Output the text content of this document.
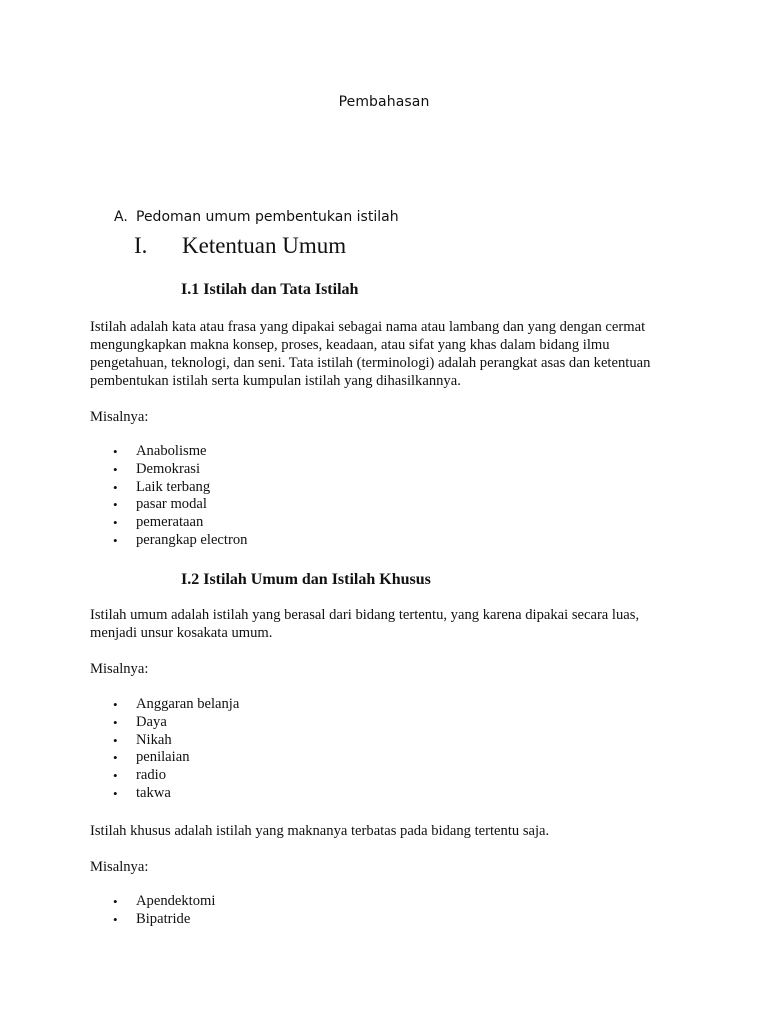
Pembahasan
A. Pedoman umum pembentukan istilah
I. Ketentuan Umum
I.1 Istilah dan Tata Istilah
Istilah adalah kata atau frasa yang dipakai sebagai nama atau lambang dan yang dengan cermat
mengungkapkan makna konsep, proses, keadaan, atau sifat yang khas dalam bidang ilmu
pengetahuan, teknologi, dan seni. Tata istilah (terminologi) adalah perangkat asas dan ketentuan
pembentukan istilah serta kumpulan istilah yang dihasilkannya.
Misalnya:
• Anabolisme
• Demokrasi
• Laik terbang
• pasar modal
• pemerataan
• perangkap electron
I.2 Istilah Umum dan Istilah Khusus
Istilah umum adalah istilah yang berasal dari bidang tertentu, yang karena dipakai secara luas,
menjadi unsur kosakata umum.
Misalnya:
• Anggaran belanja
• Daya
• Nikah
• penilaian
• radio
• takwa
Istilah khusus adalah istilah yang maknanya terbatas pada bidang tertentu saja.
Misalnya:
• Apendektomi
• Bipatride
